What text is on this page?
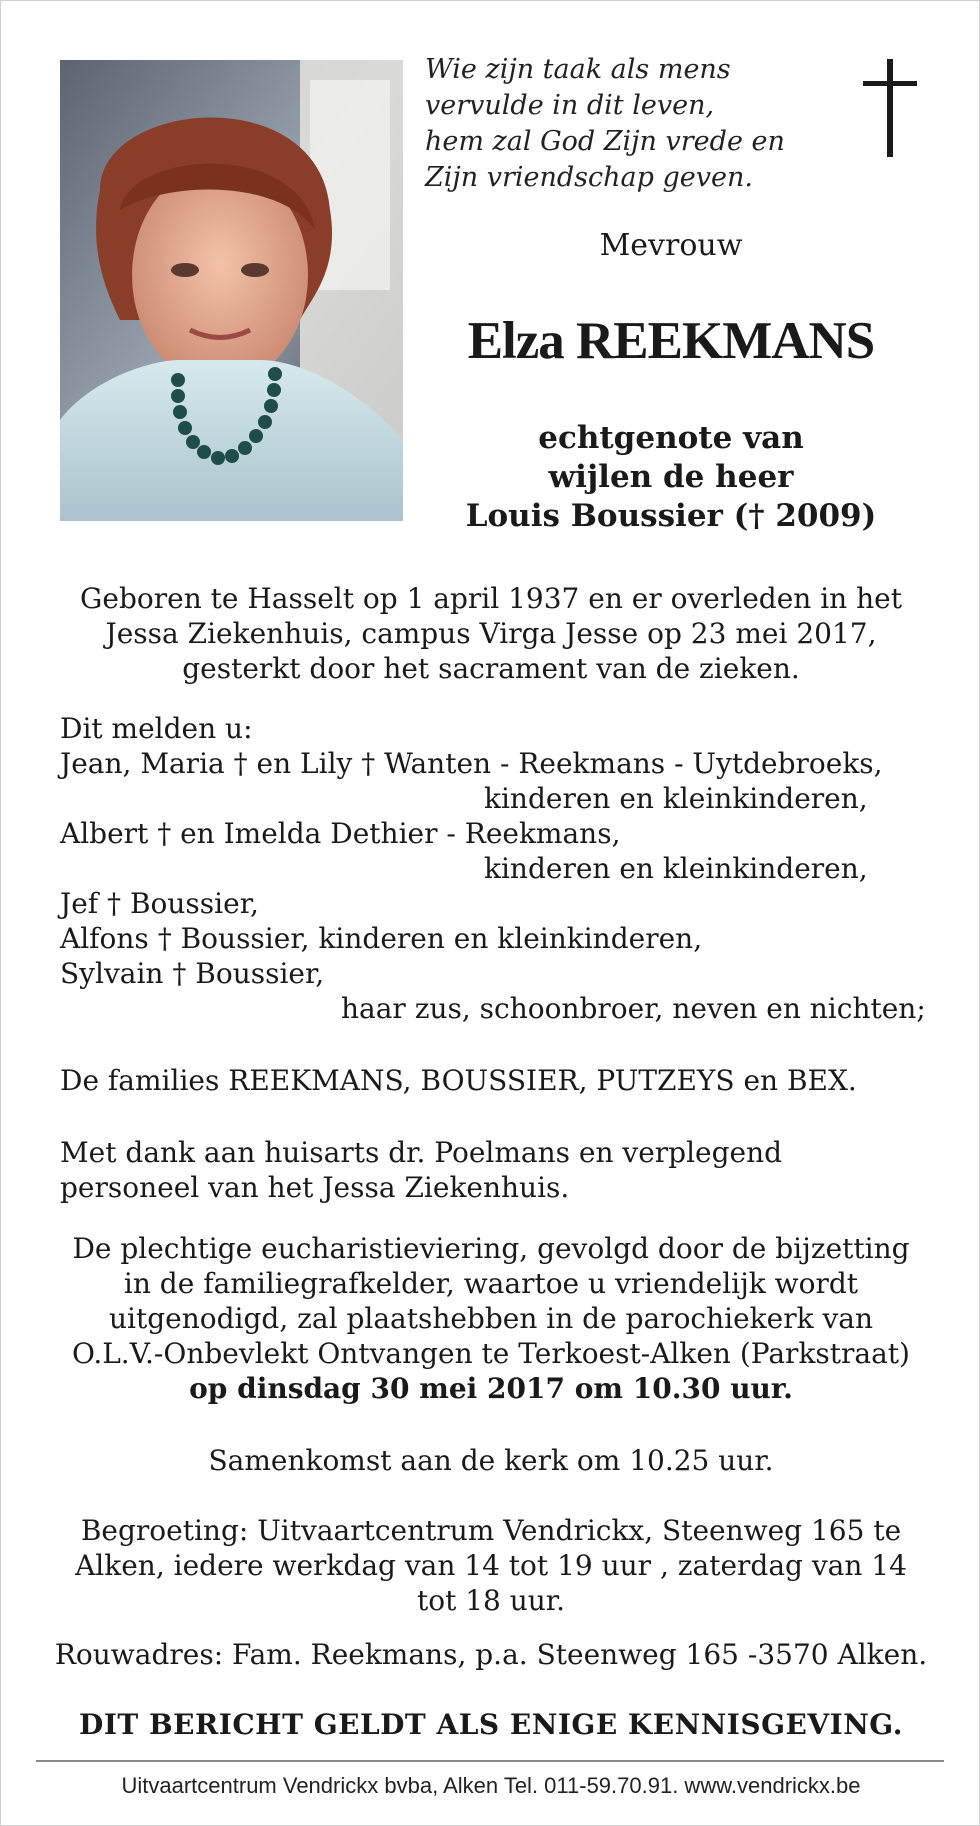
Wie zijn taak als mens
vervulde in dit leven,
hem zal God Zijn vrede en
Zijn vriendschap geven.
Mevrouw
Elza REEKMANS
echtgenote van
wijlen de heer
Louis Boussier († 2009)
Geboren te Hasselt op 1 april 1937 en er overleden in het
Jessa Ziekenhuis, campus Virga Jesse op 23 mei 2017,
gesterkt door het sacrament van de zieken.
Dit melden u:
Jean, Maria † en Lily † Wanten - Reekmans - Uytdebroeks,
kinderen en kleinkinderen,
Albert † en Imelda Dethier - Reekmans,
kinderen en kleinkinderen,
Jef † Boussier,
Alfons † Boussier, kinderen en kleinkinderen,
Sylvain † Boussier,
haar zus, schoonbroer, neven en nichten;
De families REEKMANS, BOUSSIER, PUTZEYS en BEX.
Met dank aan huisarts dr. Poelmans en verplegend
personeel van het Jessa Ziekenhuis.
De plechtige eucharistieviering, gevolgd door de bijzetting
in de familiegrafkelder, waartoe u vriendelijk wordt
uitgenodigd, zal plaatshebben in de parochiekerk van
O.L.V.-Onbevlekt Ontvangen te Terkoest-Alken (Parkstraat)
op dinsdag 30 mei 2017 om 10.30 uur.
Samenkomst aan de kerk om 10.25 uur.
Begroeting: Uitvaartcentrum Vendrickx, Steenweg 165 te
Alken, iedere werkdag van 14 tot 19 uur , zaterdag van 14
tot 18 uur.
Rouwadres: Fam. Reekmans, p.a. Steenweg 165 -3570 Alken.
DIT BERICHT GELDT ALS ENIGE KENNISGEVING.
Uitvaartcentrum Vendrickx bvba, Alken Tel. 011-59.70.91. www.vendrickx.be
